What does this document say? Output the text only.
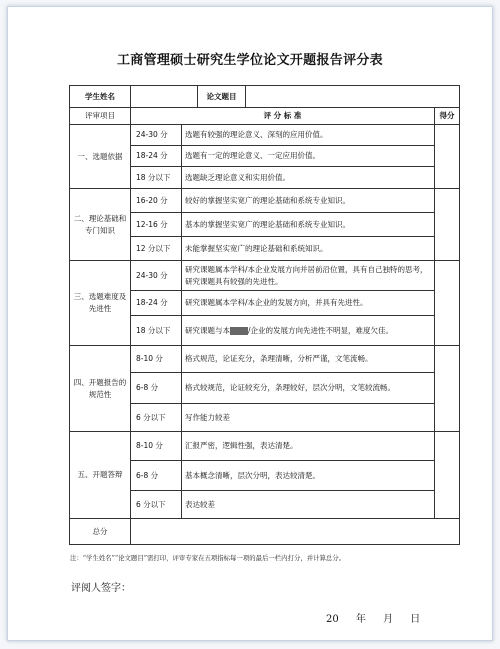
工商管理硕士研究生学位论文开题报告评分表
学生姓名	论文题目		

评审项目	评 分 标 准		得分
一、选题依据	24-30 分	选题有较强的理论意义、深刻的应用价值。	
	18-24 分	选题有一定的理论意义、一定应用价值。	
	18 分以下	选题缺乏理论意义和实用价值。	
二、理论基础和专门知识	16-20 分	较好的掌握坚实宽广的理论基础和系统专业知识。	
	12-16 分	基本的掌握坚实宽广的理论基础和系统专业知识。	
	12 分以下	未能掌握坚实宽广的理论基础和系统知识。	
三、选题难度及先进性	24-30 分	研究课题属本学科/本企业发展方向并居前沿位置，具有自己独特的思考，研究课题具有较强的先进性。	
	18-24 分	研究课题属本学科/本企业的发展方向，并具有先进性。	
	18 分以下	研究课题与本 /企业的发展方向先进性不明显，难度欠佳。	
四、开题报告的规范性	8-10 分	格式规范，论证充分，条理清晰，分析严谨，文笔流畅。	
	6-8 分	格式较规范，论证较充分，条理较好，层次分明，文笔较流畅。	
	6 分以下	写作能力较差	
五、开题答辩	8-10 分	汇报严密，逻辑性强，表达清楚。	
	6-8 分	基本概念清晰，层次分明，表达较清楚。	
	6 分以下	表达较差	
总分			
注：“学生姓名”“论文题目”需打印，评审专家在五项指标每一项的最后一栏内打分，并计算总分。
评阅人签字：
20 年 月 日
